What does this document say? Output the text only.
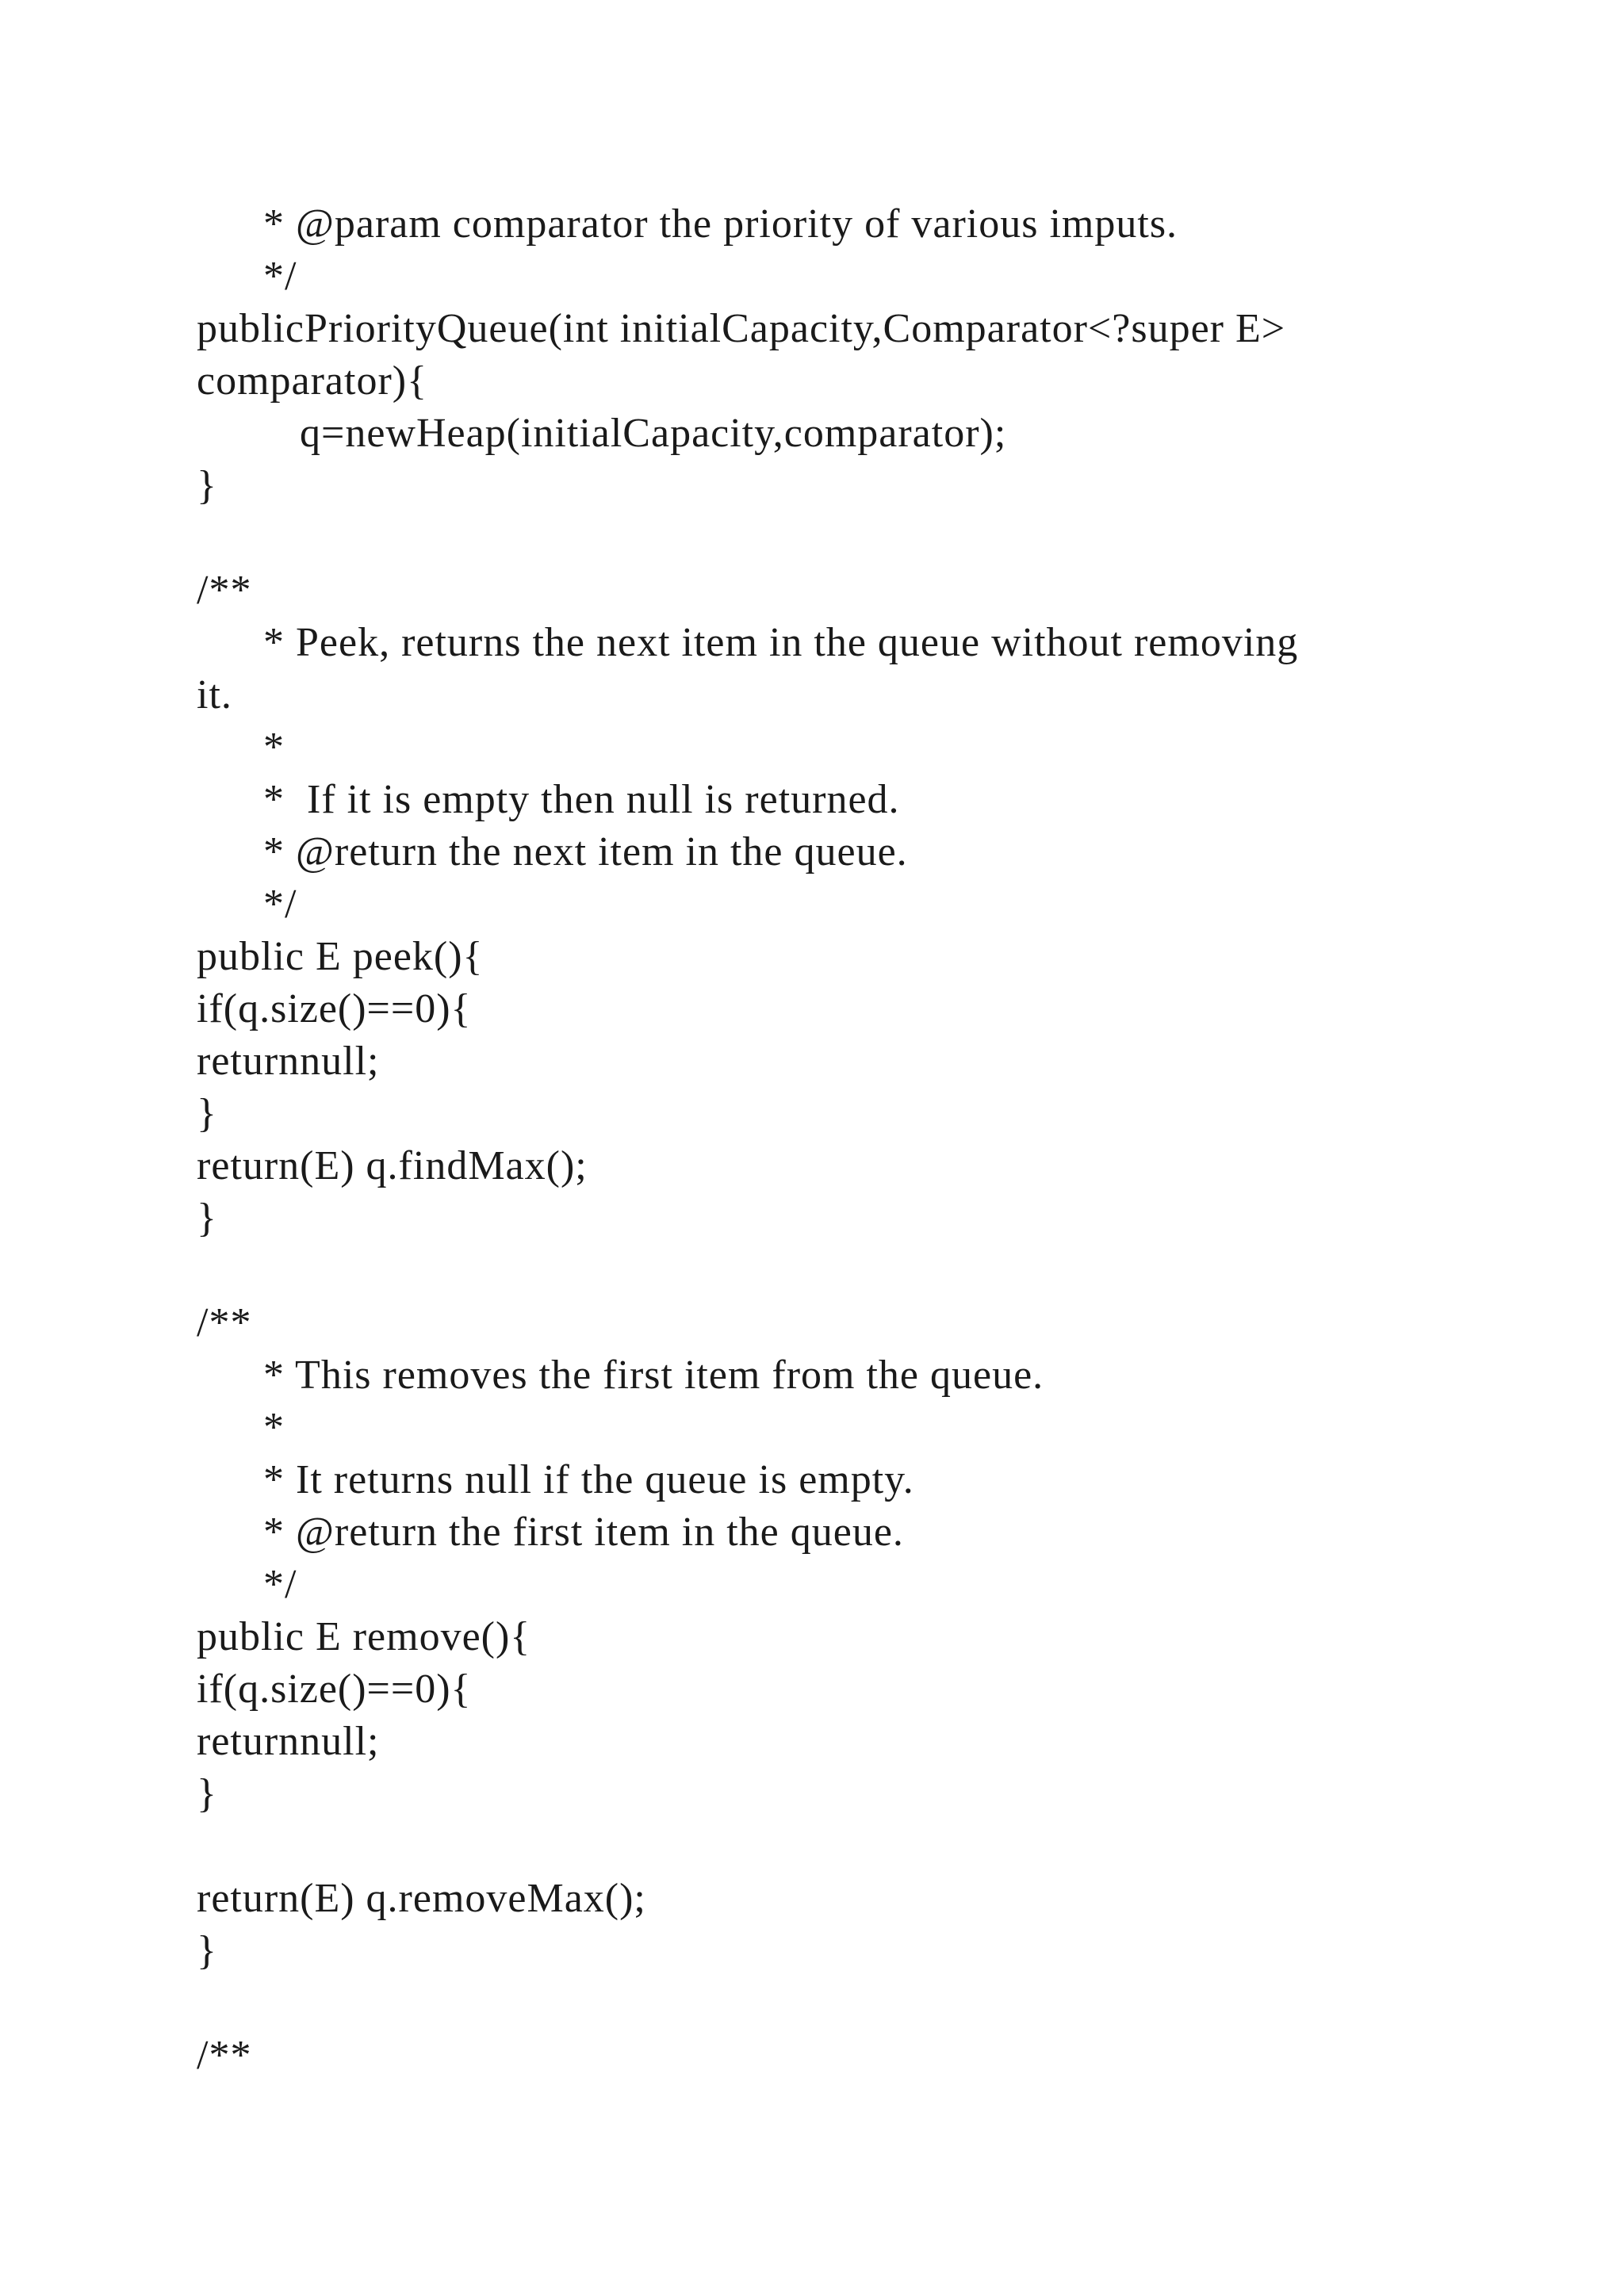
* @param comparator the priority of various imputs.
*/
publicPriorityQueue(int initialCapacity,Comparator<?super E>
comparator){
q=newHeap(initialCapacity,comparator);
}
/**
* Peek, returns the next item in the queue without removing
it.
*
*  If it is empty then null is returned.
* @return the next item in the queue.
*/
public E peek(){
if(q.size()==0){
returnnull;
}
return(E) q.findMax();
}
/**
* This removes the first item from the queue.
*
* It returns null if the queue is empty.
* @return the first item in the queue.
*/
public E remove(){
if(q.size()==0){
returnnull;
}
return(E) q.removeMax();
}
/**
